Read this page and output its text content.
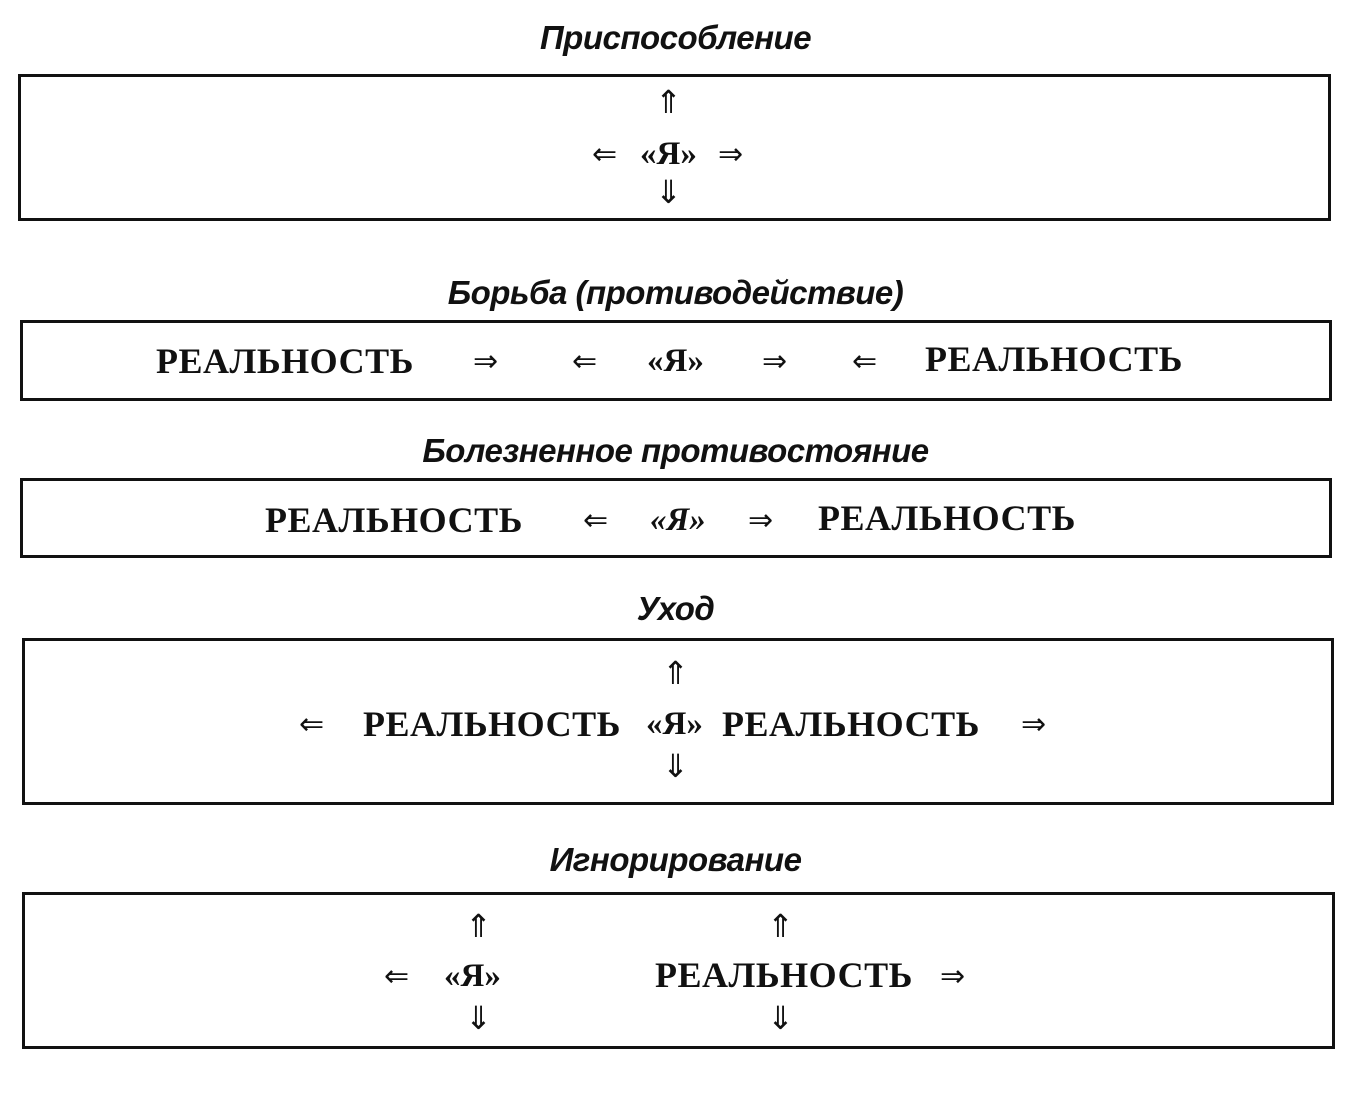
Приспособление
⇑
⇐ «Я» ⇒
⇓
Борьба (противодействие)
РЕАЛЬНОСТЬ ⇒ ⇐ «Я» ⇒ ⇐ РЕАЛЬНОСТЬ
Болезненное противостояние
РЕАЛЬНОСТЬ ⇐ «Я» ⇒ РЕАЛЬНОСТЬ
Уход
⇑
⇐ РЕАЛЬНОСТЬ «Я» РЕАЛЬНОСТЬ ⇒
⇓
Игнорирование
⇑
⇐ «Я»
⇓
⇑
РЕАЛЬНОСТЬ ⇒
⇓
